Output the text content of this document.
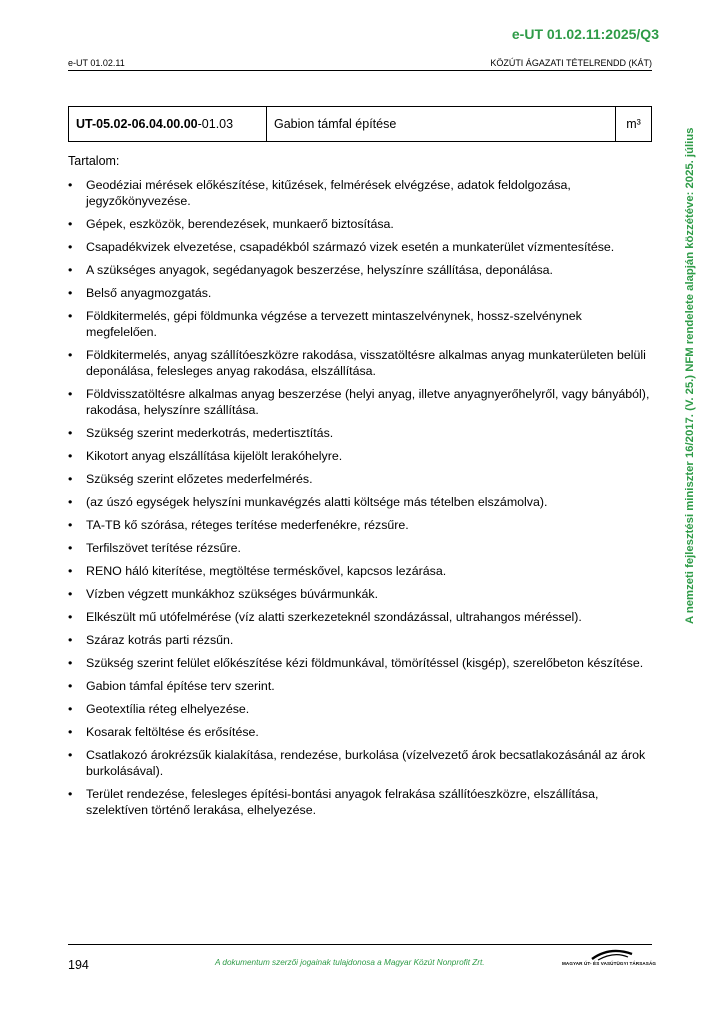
e-UT 01.02.11:2025/Q3
e-UT 01.02.11	KÖZÚTI ÁGAZATI TÉTELRENDD (KÁT)
A nemzeti fejlesztési miniszter 16/2017. (V. 25.) NFM rendelete alapján közzétéve: 2025. július
UT-05.02-06.04.00.00 -01.03	Gabion támfal építése	m³
Tartalom:
• Geodéziai mérések előkészítése, kitűzések, felmérések elvégzése, adatok feldolgozása, jegyzőkönyvezése.
• Gépek, eszközök, berendezések, munkaerő biztosítása.
• Csapadékvizek elvezetése, csapadékból származó vizek esetén a munkaterület vízmentesítése.
• A szükséges anyagok, segédanyagok beszerzése, helyszínre szállítása, deponálása.
• Belső anyagmozgatás.
• Földkitermelés, gépi földmunka végzése a tervezett mintaszelvénynek, hossz-szelvénynek megfelelően.
• Földkitermelés, anyag szállítóeszközre rakodása, visszatöltésre alkalmas anyag munkaterületen belüli deponálása, felesleges anyag rakodása, elszállítása.
• Földvisszatöltésre alkalmas anyag beszerzése (helyi anyag, illetve anyagnyerőhelyről, vagy bányából), rakodása, helyszínre szállítása.
• Szükség szerint mederkotrás, medertisztítás.
• Kikotort anyag elszállítása kijelölt lerakóhelyre.
• Szükség szerint előzetes mederfelmérés.
• (az úszó egységek helyszíni munkavégzés alatti költsége más tételben elszámolva).
• TA-TB kő szórása, réteges terítése mederfenékre, rézsűre.
• Terfilszövet terítése rézsűre.
• RENO háló kiterítése, megtöltése terméskővel, kapcsos lezárása.
• Vízben végzett munkákhoz szükséges búvármunkák.
• Elkészült mű utófelmérése (víz alatti szerkezeteknél szondázással, ultrahangos méréssel).
• Száraz kotrás parti rézsűn.
• Szükség szerint felület előkészítése kézi földmunkával, tömörítéssel (kisgép), szerelőbeton készítése.
• Gabion támfal építése terv szerint.
• Geotextília réteg elhelyezése.
• Kosarak feltöltése és erősítése.
• Csatlakozó árokrézsűk kialakítása, rendezése, burkolása (vízelvezető árok becsatlakozásánál az árok burkolásával).
• Terület rendezése, felesleges építési-bontási anyagok felrakása szállítóeszközre, elszállítása, szelektíven történő lerakása, elhelyezése.
194	A dokumentum szerzői jogainak tulajdonosa a Magyar Közút Nonprofit Zrt.	MAGYAR ÚT- ÉS VASÚTÜGYI TÁRSASÁG
